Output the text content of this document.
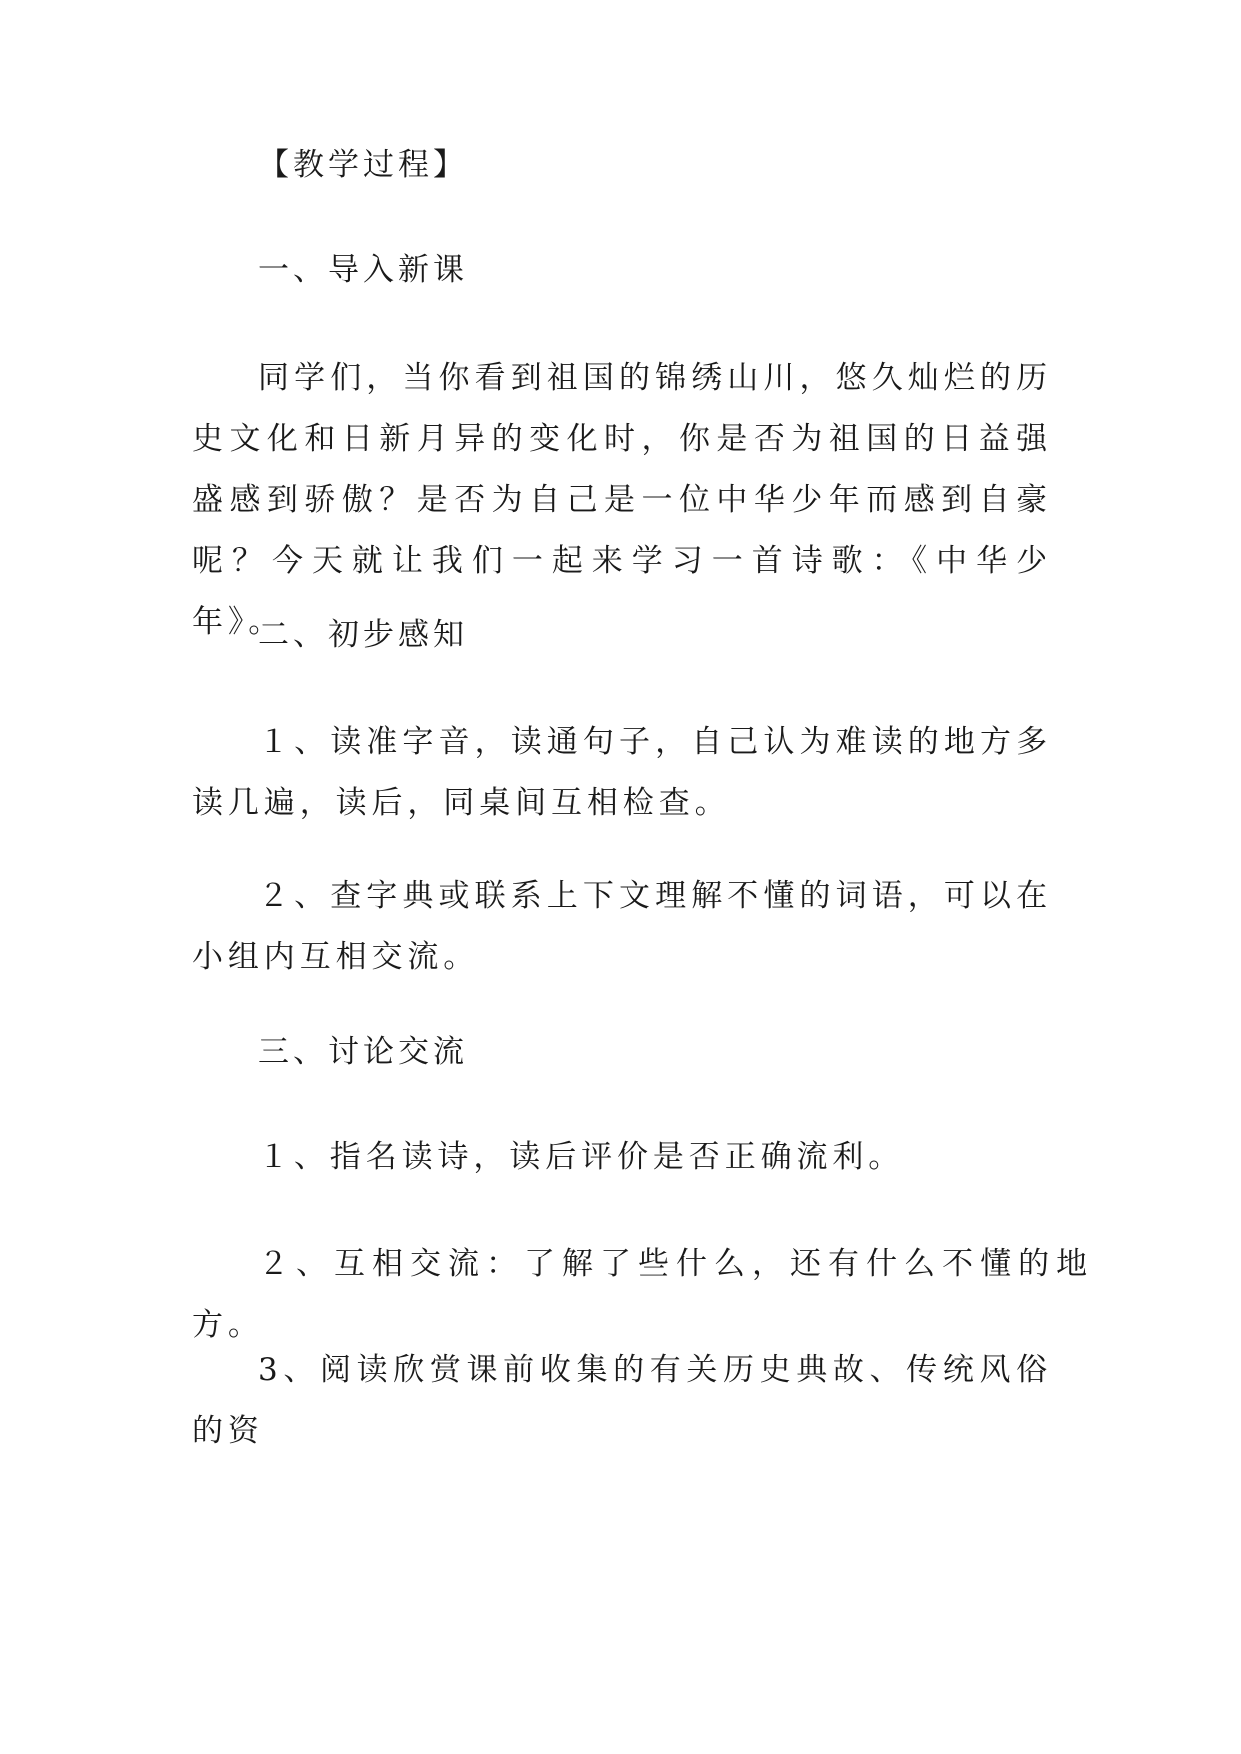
【教学过程】
一、导入新课

同学们，当你看到祖国的锦绣山川，悠久灿烂的历史文化和日新月异的变化时，你是否为祖国的日益强盛感到骄傲？是否为自己是一位中华少年而感到自豪呢？今天就让我们一起来学习一首诗歌：《中华少年》。

二、初步感知

１、读准字音，读通句子，自己认为难读的地方多读几遍，读后，同桌间互相检查。

２、查字典或联系上下文理解不懂的词语，可以在小组内互相交流。

三、讨论交流

１、指名读诗，读后评价是否正确流利。

２、互相交流：了解了些什么，还有什么不懂的地方。

3、阅读欣赏课前收集的有关历史典故、传统风俗的资
